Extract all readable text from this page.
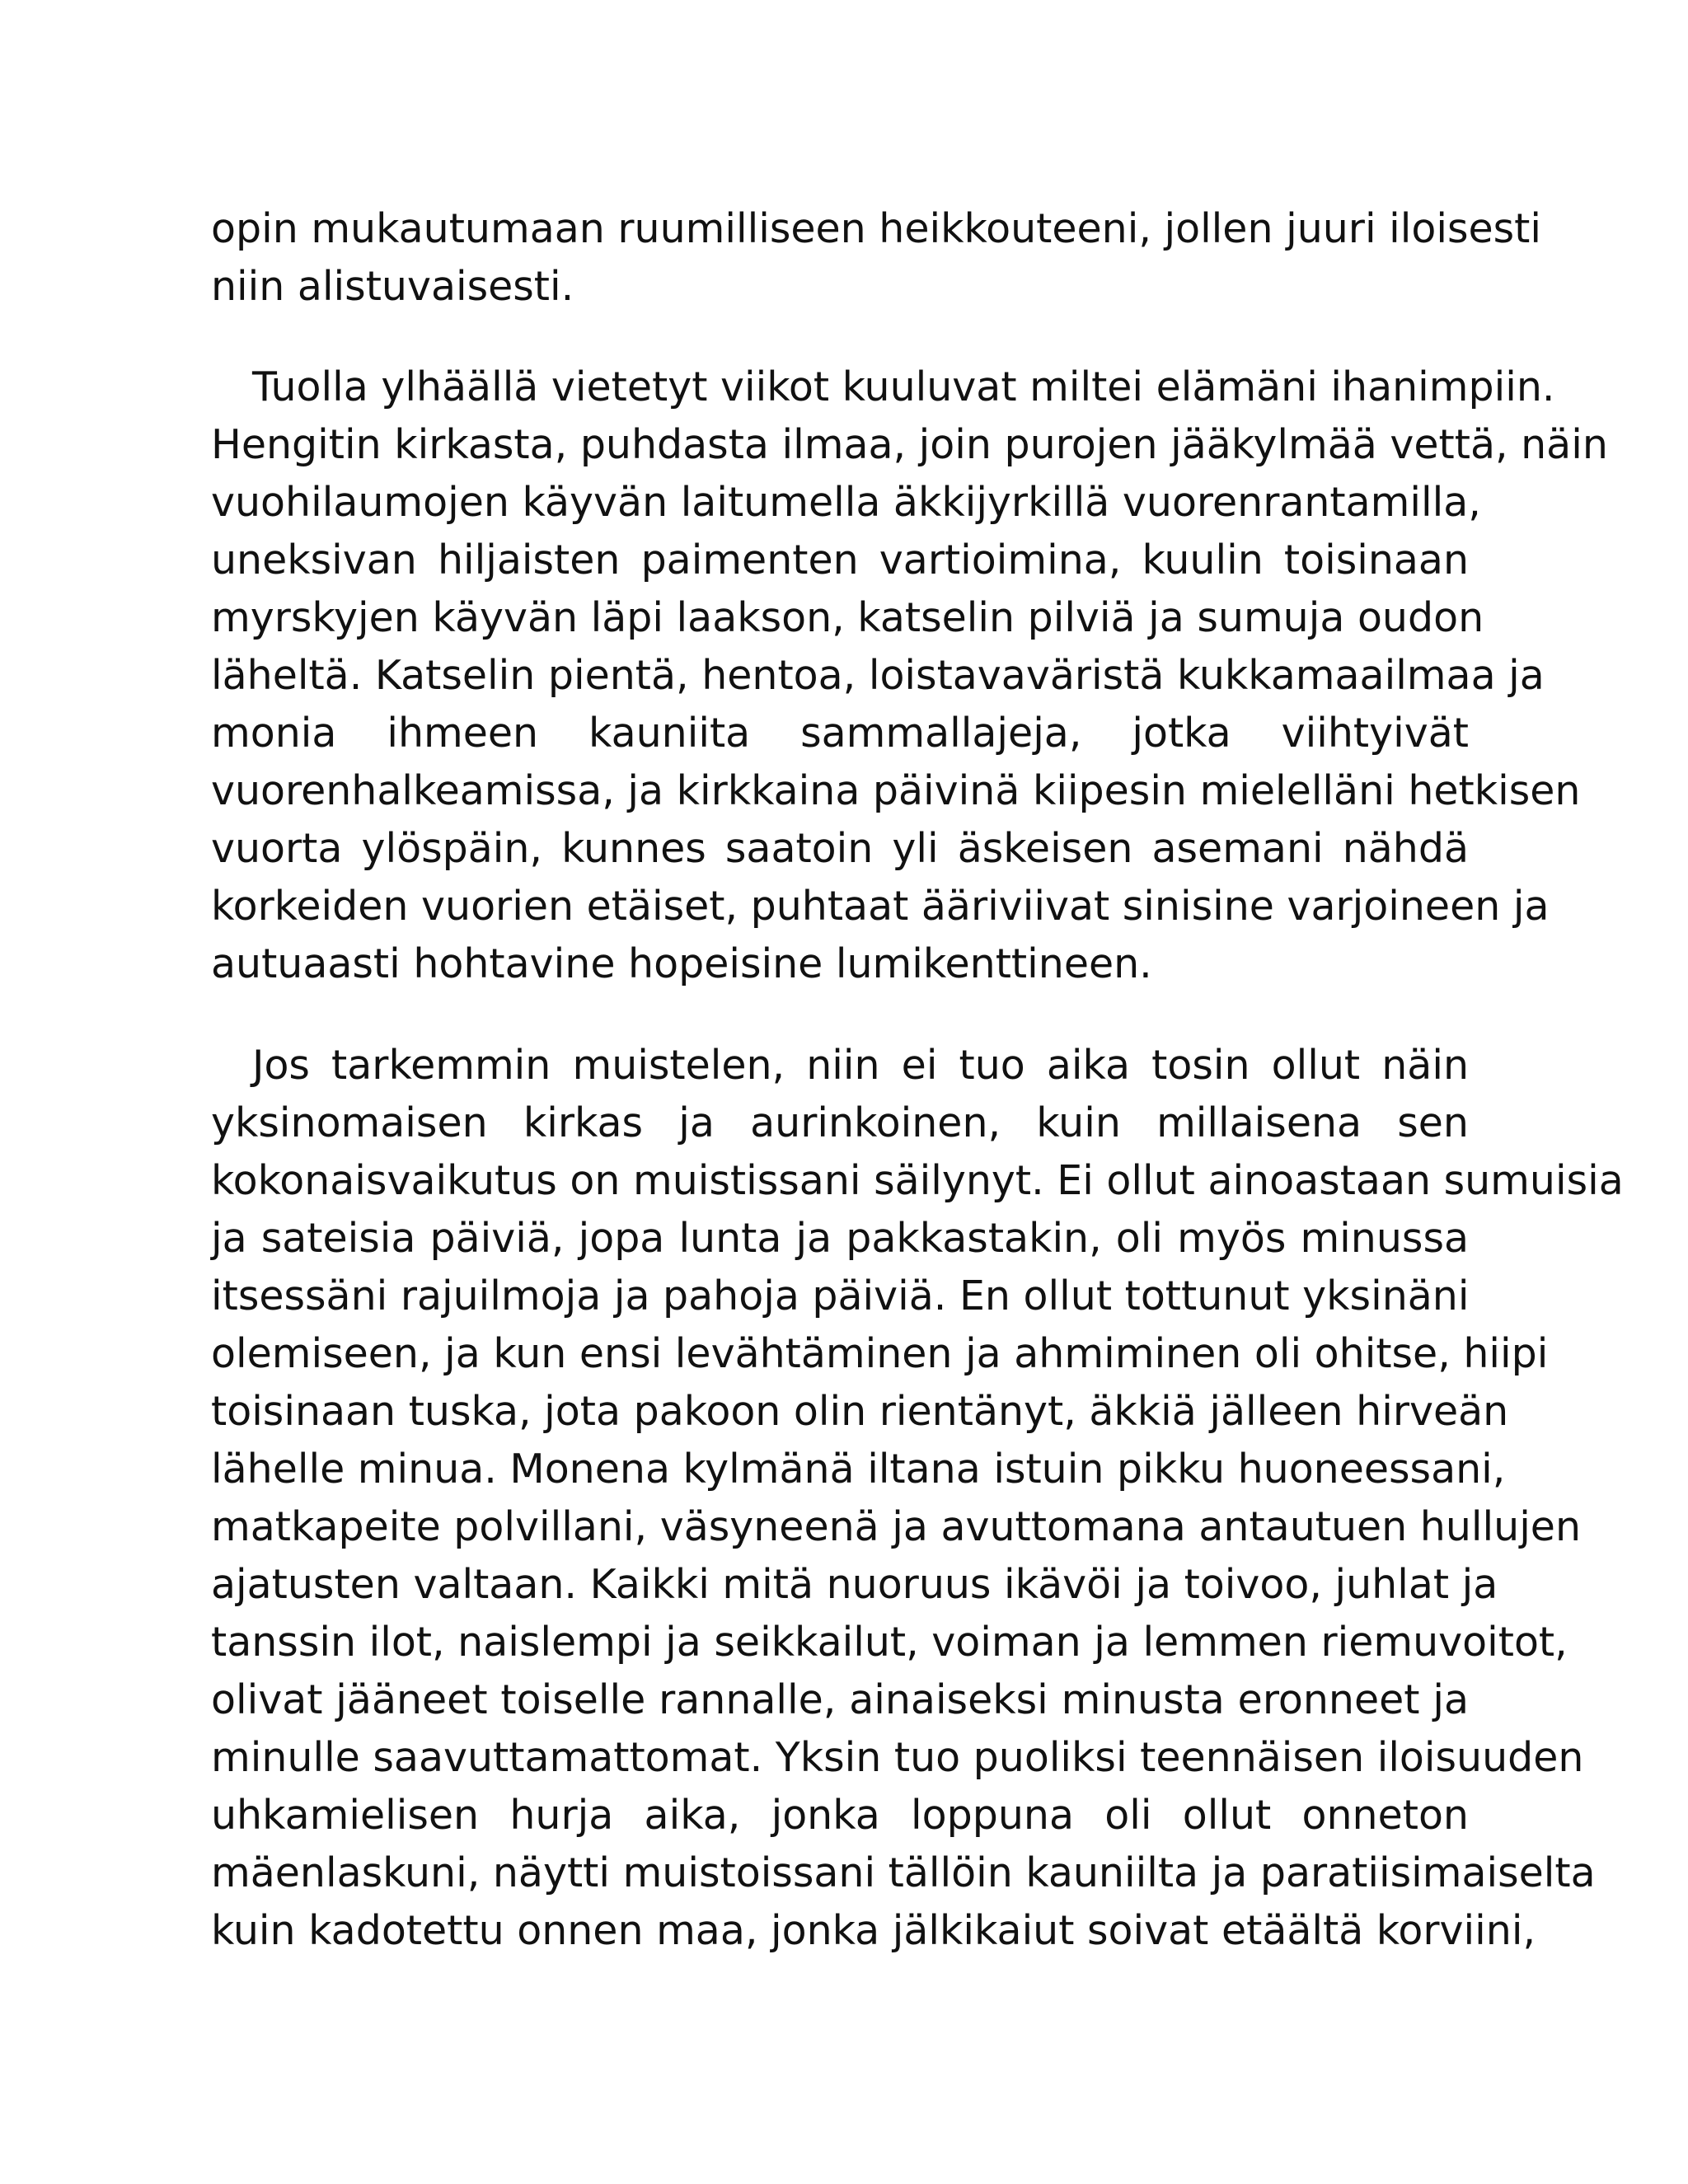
opin mukautumaan ruumilliseen heikkouteeni, jollen juuri iloisesti
niin alistuvaisesti.
Tuolla ylhäällä vietetyt viikot kuuluvat miltei elämäni ihanimpiin.
Hengitin kirkasta, puhdasta ilmaa, join purojen jääkylmää vettä, näin
vuohilaumojen käyvän laitumella äkkijyrkillä vuorenrantamilla,
uneksivan hiljaisten paimenten vartioimina, kuulin toisinaan
myrskyjen käyvän läpi laakson, katselin pilviä ja sumuja oudon
läheltä. Katselin pientä, hentoa, loistavaväristä kukkamaailmaa ja
monia ihmeen kauniita sammallajeja, jotka viihtyivät
vuorenhalkeamissa, ja kirkkaina päivinä kiipesin mielelläni hetkisen
vuorta ylöspäin, kunnes saatoin yli äskeisen asemani nähdä
korkeiden vuorien etäiset, puhtaat ääriviivat sinisine varjoineen ja
autuaasti hohtavine hopeisine lumikenttineen.
Jos tarkemmin muistelen, niin ei tuo aika tosin ollut näin
yksinomaisen kirkas ja aurinkoinen, kuin millaisena sen
kokonaisvaikutus on muistissani säilynyt. Ei ollut ainoastaan sumuisia
ja sateisia päiviä, jopa lunta ja pakkastakin, oli myös minussa
itsessäni rajuilmoja ja pahoja päiviä. En ollut tottunut yksinäni
olemiseen, ja kun ensi levähtäminen ja ahmiminen oli ohitse, hiipi
toisinaan tuska, jota pakoon olin rientänyt, äkkiä jälleen hirveän
lähelle minua. Monena kylmänä iltana istuin pikku huoneessani,
matkapeite polvillani, väsyneenä ja avuttomana antautuen hullujen
ajatusten valtaan. Kaikki mitä nuoruus ikävöi ja toivoo, juhlat ja
tanssin ilot, naislempi ja seikkailut, voiman ja lemmen riemuvoitot,
olivat jääneet toiselle rannalle, ainaiseksi minusta eronneet ja
minulle saavuttamattomat. Yksin tuo puoliksi teennäisen iloisuuden
uhkamielisen hurja aika, jonka loppuna oli ollut onneton
mäenlaskuni, näytti muistoissani tällöin kauniilta ja paratiisimaiselta
kuin kadotettu onnen maa, jonka jälkikaiut soivat etäältä korviini,
